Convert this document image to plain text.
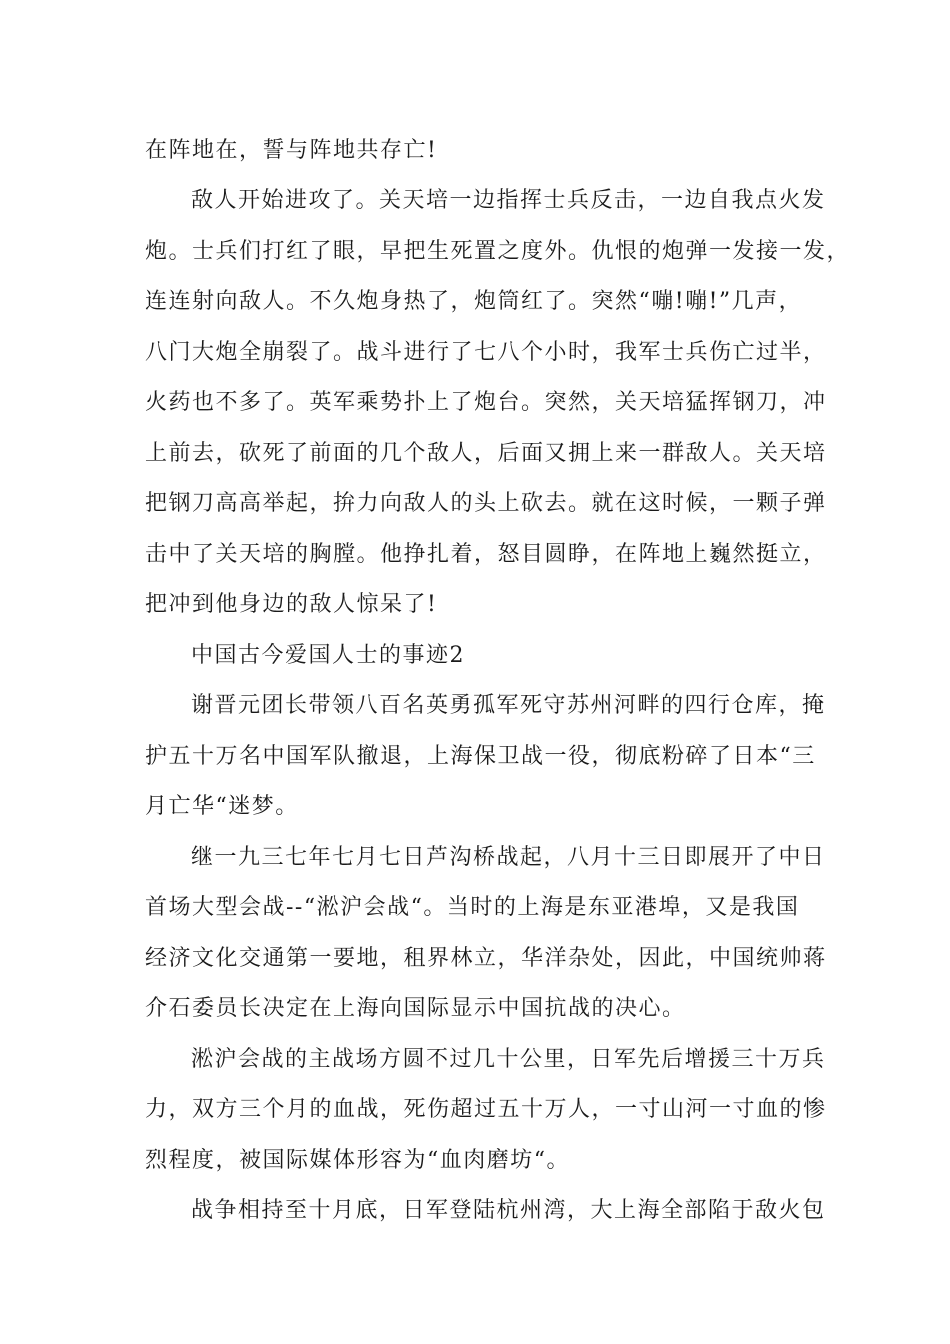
在阵地在，誓与阵地共存亡!
敌人开始进攻了。关天培一边指挥士兵反击，一边自我点火发
炮。士兵们打红了眼，早把生死置之度外。仇恨的炮弹一发接一发，
连连射向敌人。不久炮身热了，炮筒红了。突然“嘣!嘣!”几声，
八门大炮全崩裂了。战斗进行了七八个小时，我军士兵伤亡过半，
火药也不多了。英军乘势扑上了炮台。突然，关天培猛挥钢刀，冲
上前去，砍死了前面的几个敌人，后面又拥上来一群敌人。关天培
把钢刀高高举起，拚力向敌人的头上砍去。就在这时候，一颗子弹
击中了关天培的胸膛。他挣扎着，怒目圆睁，在阵地上巍然挺立，
把冲到他身边的敌人惊呆了!
中国古今爱国人士的事迹2
谢晋元团长带领八百名英勇孤军死守苏州河畔的四行仓库，掩
护五十万名中国军队撤退，上海保卫战一役，彻底粉碎了日本“三
月亡华“迷梦。
继一九三七年七月七日芦沟桥战起，八月十三日即展开了中日
首场大型会战--“淞沪会战“。当时的上海是东亚港埠，又是我国
经济文化交通第一要地，租界林立，华洋杂处，因此，中国统帅蒋
介石委员长决定在上海向国际显示中国抗战的决心。
淞沪会战的主战场方圆不过几十公里，日军先后增援三十万兵
力，双方三个月的血战，死伤超过五十万人，一寸山河一寸血的惨
烈程度，被国际媒体形容为“血肉磨坊“。
战争相持至十月底，日军登陆杭州湾，大上海全部陷于敌火包
